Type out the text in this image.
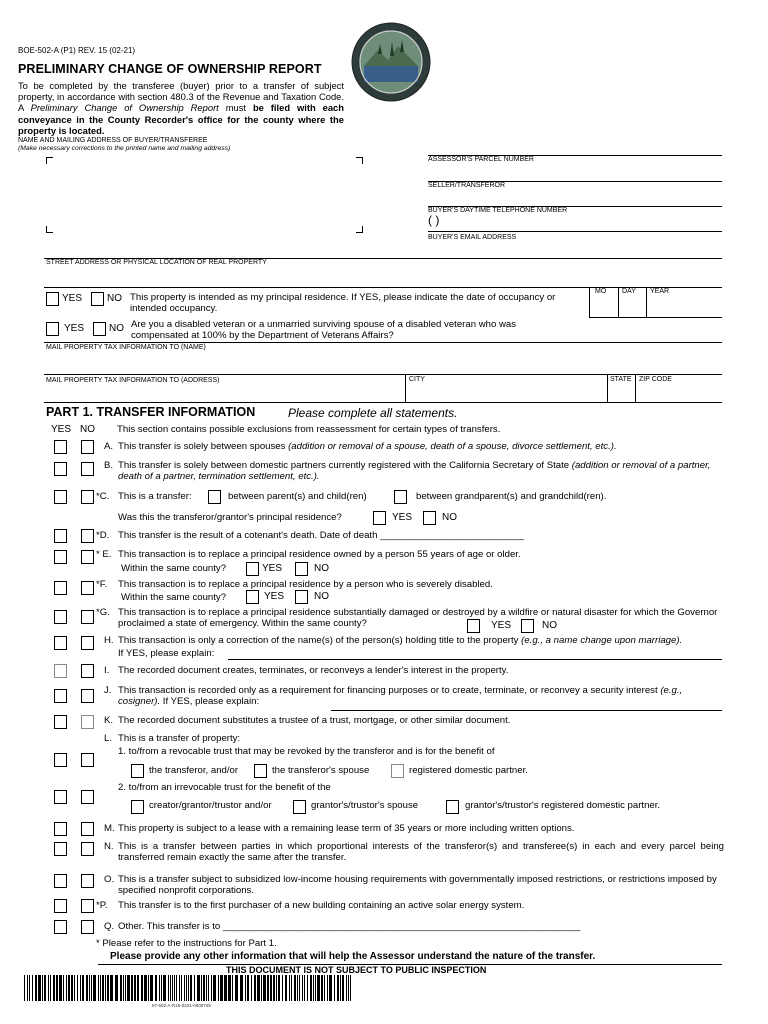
BOE-502-A (P1) REV. 15 (02-21)
PRELIMINARY CHANGE OF OWNERSHIP REPORT
To be completed by the transferee (buyer) prior to a transfer of subject property, in accordance with section 480.3 of the Revenue and Taxation Code. A Preliminary Change of Ownership Report must be filed with each conveyance in the County Recorder's office for the county where the property is located.
NAME AND MAILING ADDRESS OF BUYER/TRANSFEREE
(Make necessary corrections to the printed name and mailing address)
ASSESSOR'S PARCEL NUMBER
SELLER/TRANSFEROR
BUYER'S DAYTIME TELEPHONE NUMBER
( )
BUYER'S EMAIL ADDRESS
STREET ADDRESS OR PHYSICAL LOCATION OF REAL PROPERTY
YES NO This property is intended as my principal residence. If YES, please indicate the date of occupancy or intended occupancy.
MO DAY YEAR
YES NO Are you a disabled veteran or a unmarried surviving spouse of a disabled veteran who was compensated at 100% by the Department of Veterans Affairs?
MAIL PROPERTY TAX INFORMATION TO (NAME)
MAIL PROPERTY TAX INFORMATION TO (ADDRESS)	CITY	STATE ZIP CODE
PART 1. TRANSFER INFORMATION	Please complete all statements.
YES NO This section contains possible exclusions from reassessment for certain types of transfers.
A. This transfer is solely between spouses (addition or removal of a spouse, death of a spouse, divorce settlement, etc.).
B. This transfer is solely between domestic partners currently registered with the California Secretary of State (addition or removal of a partner, death of a partner, termination settlement, etc.).
*C. This is a transfer:	between parent(s) and child(ren)	between grandparent(s) and grandchild(ren).
Was this the transferor/grantor's principal residence?	YES	NO
*D. This transfer is the result of a cotenant's death. Date of death ___________________________
* E. This transaction is to replace a principal residence owned by a person 55 years of age or older.
Within the same county?	YES	NO
*F. This transaction is to replace a principal residence by a person who is severely disabled.
Within the same county?	YES	NO
*G. This transaction is to replace a principal residence substantially damaged or destroyed by a wildfire or natural disaster for which the Governor proclaimed a state of emergency. Within the same county?	YES	NO
H. This transaction is only a correction of the name(s) of the person(s) holding title to the property (e.g., a name change upon marriage).
If YES, please explain:
I. The recorded document creates, terminates, or reconveys a lender's interest in the property.
J. This transaction is recorded only as a requirement for financing purposes or to create, terminate, or reconvey a security interest (e.g., cosigner). If YES, please explain:
K. The recorded document substitutes a trustee of a trust, mortgage, or other similar document.
L. This is a transfer of property:
1. to/from a revocable trust that may be revoked by the transferor and is for the benefit of
the transferor, and/or	the transferor's spouse	registered domestic partner.
2. to/from an irrevocable trust for the benefit of the
creator/grantor/trustor and/or	grantor's/trustor's spouse	grantor's/trustor's registered domestic partner.
M. This property is subject to a lease with a remaining lease term of 35 years or more including written options.
N. This is a transfer between parties in which proportional interests of the transferor(s) and transferee(s) in each and every parcel being transferred remain exactly the same after the transfer.
O. This is a transfer subject to subsidized low-income housing requirements with governmentally imposed restrictions, or restrictions imposed by specified nonprofit corporations.
*P. This transfer is to the first purchaser of a new building containing an active solar energy system.
Q. Other. This transfer is to ___________________________________________________________________
* Please refer to the instructions for Part 1.
Please provide any other information that will help the Assessor understand the nature of the transfer.
THIS DOCUMENT IS NOT SUBJECT TO PUBLIC INSPECTION
57-502-A-R15-0221-0000749
